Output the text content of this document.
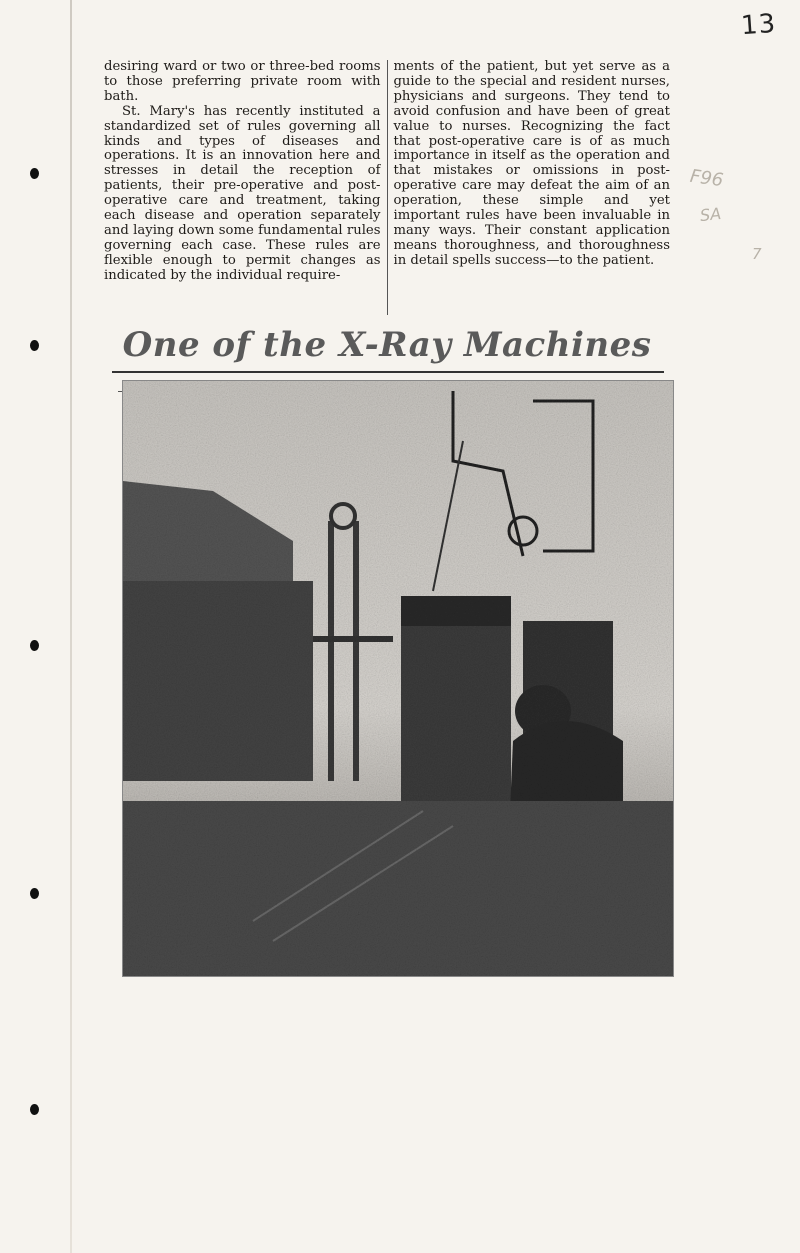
13
F96
SA
7

desiring ward or two or three-bed rooms to those preferring private room with bath.

St. Mary's has recently instituted a standardized set of rules governing all kinds and types of diseases and operations. It is an innovation here and stresses in detail the reception of patients, their pre-operative and post-operative care and treatment, taking each disease and operation separately and laying down some fundamental rules governing each case. These rules are flexible enough to permit changes as indicated by the individual require-

ments of the patient, but yet serve as a guide to the special and resident nurses, physicians and surgeons. They tend to avoid confusion and have been of great value to nurses. Recognizing the fact that post-operative care is of as much importance in itself as the operation and that mistakes or omissions in post-operative care may defeat the aim of an operation, these simple and yet important rules have been invaluable in many ways. Their constant application means thoroughness, and thoroughness in detail spells success—to the patient.

One of the X-Ray Machines
